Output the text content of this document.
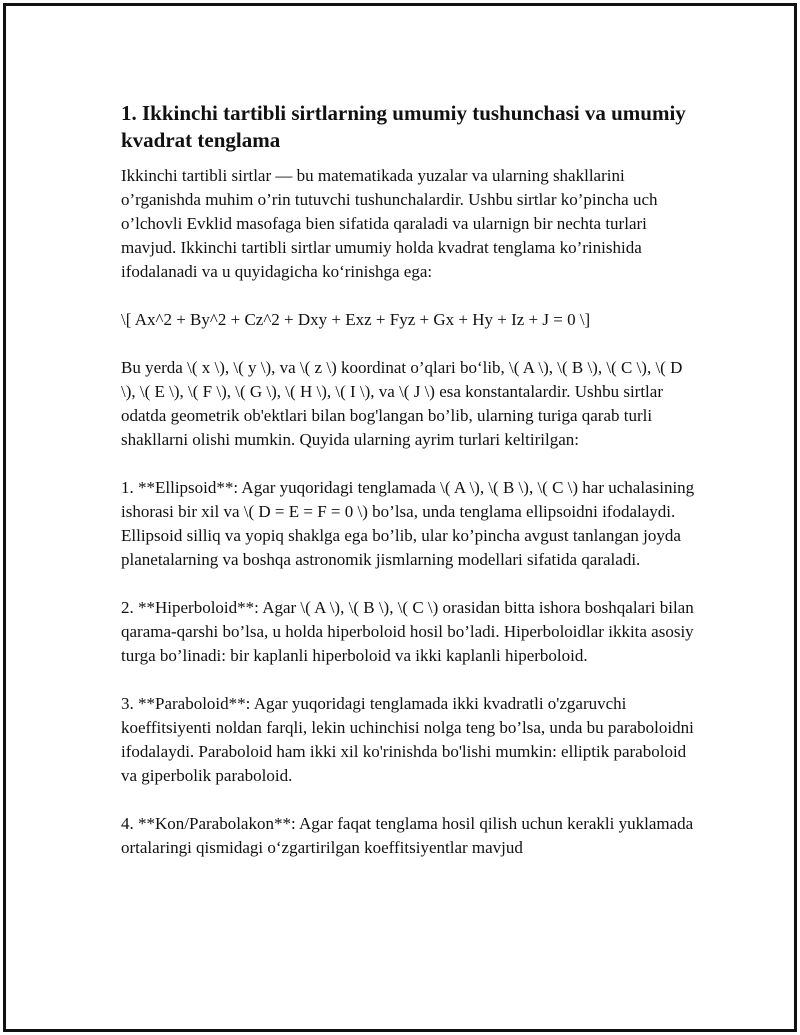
1. Ikkinchi tartibli sirtlarning umumiy tushunchasi va umumiy kvadrat tenglama

Ikkinchi tartibli sirtlar — bu matematikada yuzalar va ularning shakllarini o’rganishda muhim o’rin tutuvchi tushunchalardir. Ushbu sirtlar ko’pincha uch o’lchovli Evklid masofaga bien sifatida qaraladi va ularnign bir nechta turlari mavjud. Ikkinchi tartibli sirtlar umumiy holda kvadrat tenglama ko’rinishida ifodalanadi va u quyidagicha ko‘rinishga ega:

\[ Ax^2 + By^2 + Cz^2 + Dxy + Exz + Fyz + Gx + Hy + Iz + J = 0 \]

Bu yerda \( x \), \( y \), va \( z \) koordinat o’qlari bo‘lib, \( A \), \( B \), \( C \), \( D \), \( E \), \( F \), \( G \), \( H \), \( I \), va \( J \) esa konstantalardir. Ushbu sirtlar odatda geometrik ob'ektlari bilan bog'langan bo’lib, ularning turiga qarab turli shakllarni olishi mumkin. Quyida ularning ayrim turlari keltirilgan:

1. **Ellipsoid**: Agar yuqoridagi tenglamada \( A \), \( B \), \( C \) har uchalasining ishorasi bir xil va \( D = E = F = 0 \) bo’lsa, unda tenglama ellipsoidni ifodalaydi. Ellipsoid silliq va yopiq shaklga ega bo’lib, ular ko’pincha avgust tanlangan joyda planetalarning va boshqa astronomik jismlarning modellari sifatida qaraladi.

2. **Hiperboloid**: Agar \( A \), \( B \), \( C \) orasidan bitta ishora boshqalari bilan qarama-qarshi bo’lsa, u holda hiperboloid hosil bo’ladi. Hiperboloidlar ikkita asosiy turga bo’linadi: bir kaplanli hiperboloid va ikki kaplanli hiperboloid.

3. **Paraboloid**: Agar yuqoridagi tenglamada ikki kvadratli o'zgaruvchi koeffitsiyenti noldan farqli, lekin uchinchisi nolga teng bo’lsa, unda bu paraboloidni ifodalaydi. Paraboloid ham ikki xil ko'rinishda bo'lishi mumkin: elliptik paraboloid va giperbolik paraboloid.

4. **Kon/Parabolakon**: Agar faqat tenglama hosil qilish uchun kerakli yuklamada ortalaringi qismidagi o‘zgartirilgan koeffitsiyentlar mavjud
